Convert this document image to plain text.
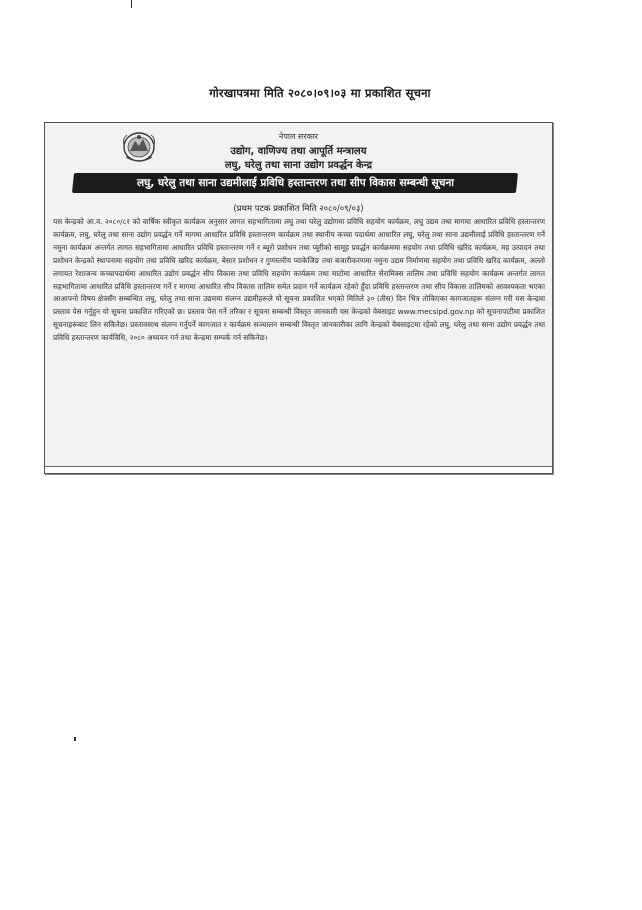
गोरखापत्रमा मिति २०८०।०९।०३ मा प्रकाशित सूचना
नेपाल सरकार
उद्योग, वाणिज्य तथा आपूर्ति मन्त्रालय
लघु, घरेलु तथा साना उद्योग प्रवर्द्धन केन्द्र
लघु, घरेलु तथा साना उद्यमीलाई प्रविधि हस्तान्तरण तथा सीप विकास सम्बन्धी सूचना
(प्रथम पटक प्रकाशित मिति २०८०/०९/०३)
यस केन्द्रको आ.व. २०८०/८१ को वार्षिक स्वीकृत कार्यक्रम अनुसार लागत सहभागितामा लघु तथा घरेलु उद्योगमा प्रविधि सहयोग कार्यक्रम, लघु उद्यम तथा मागमा आधारित प्रविधि हस्तान्तरण कार्यक्रम, लघु, घरेलु तथा साना उद्योग प्रवर्द्धन गर्ने मागमा आधारित प्रविधि हस्तान्तरण कार्यक्रम तथा स्थानीय कच्चा पदार्थमा आधारित लघु, घरेलु तथा साना उद्यमीलाई प्रविधि हस्तान्तरण गर्ने नमुना कार्यक्रम अन्तर्गत लागत सहभागितामा आधारित प्रविधि हस्तान्तरण गर्ने र ब्यूरो प्रशोधन तथा प्यूरीको सामूह प्रवर्द्धन कार्यक्रममा सहयोग तथा प्रविधि खरिद कार्यक्रम, मह उत्पादन तथा प्रशोधन केन्द्रको स्थापनामा सहयोग तथा प्रविधि खरिद कार्यक्रम, बेसार प्रशोधन र गुणस्तरीय प्याकेजिङ तथा बजारीकरणमा नमुना उद्यम निर्माणमा सहयोग तथा प्रविधि खरिद कार्यक्रम, अल्लो लगायत रेशाजन्य कच्चापदार्थमा आधारित उद्योग प्रवर्द्धन सीप विकास तथा प्रविधि सहयोग कार्यक्रम तथा माटोमा आधारित सेरामिक्स तालिम तथा प्रविधि सहयोग कार्यक्रम अन्तर्गत लागत सहभागितामा आधारित प्रविधि हस्तान्तरण गर्ने र मागमा आधारित सीप विकास तालिम समेत प्रदान गर्ने कार्यक्रम रहेको हुँदा प्रविधि हस्तान्तरण तथा सीप विकास तालिमको आवश्यकता भएका आआफ्नो विषय क्षेत्रसँग सम्बन्धित लघु, घरेलु तथा साना उद्यममा संलग्न उद्यमीहरूले यो सूचना प्रकाशित भएको मितिले ३० (तीस) दिन भित्र तोकिएका कागजातहरू संलग्न गरी यस केन्द्रमा प्रस्ताव पेस गर्नुहुन यो सूचना प्रकाशित गरिएको छ। प्रस्ताव पेस गर्ने तरिका र सूचना सम्बन्धी विस्तृत जानकारी यस केन्द्रको वेबसाइट www.mecsipd.gov.np को सूचनापाटीमा प्रकाशित सूचनाहरूबाट लिन सकिनेछ। प्रस्तावसाथ संलग्न गर्नुपर्ने कागजात र कार्यक्रम सञ्चालन सम्बन्धी विस्तृत जानकारीका लागि केन्द्रको वेबसाइटमा रहेको लघु, घरेलु तथा साना उद्योग प्रवर्द्धन तथा प्रविधि हस्तान्तरण कार्यविधि, २०८० अध्ययन गर्न तथा केन्द्रमा सम्पर्क गर्न सकिनेछ।
